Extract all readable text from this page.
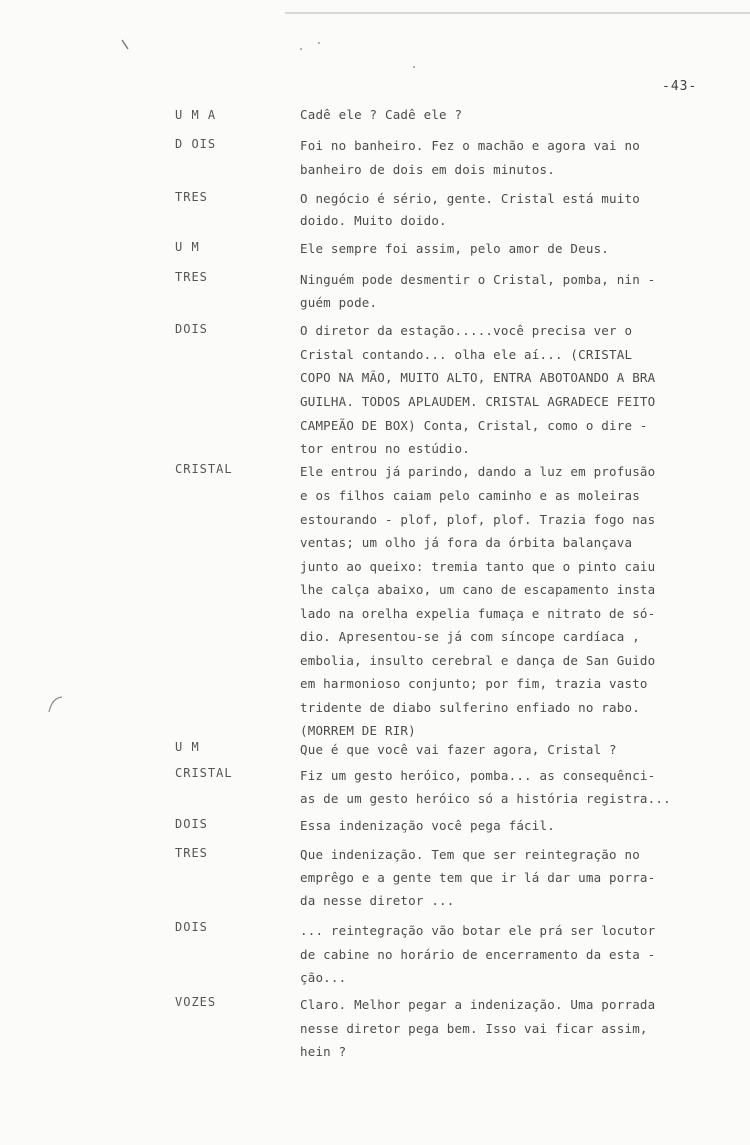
-43-
U M A	Cadê ele ? Cadê ele ?
D OIS	Foi no banheiro. Fez o machão e agora vai no
banheiro de dois em dois minutos.
TRES	O negócio é sério, gente. Cristal está muito
doido. Muito doido.
U M	Ele sempre foi assim, pelo amor de Deus.
TRES	Ninguém pode desmentir o Cristal, pomba, nin -
guém pode.
DOIS	O diretor da estação.....você precisa ver o
Cristal contando... olha ele aí... (CRISTAL
COPO NA MÃO, MUITO ALTO, ENTRA ABOTOANDO A BRA
GUILHA. TODOS APLAUDEM. CRISTAL AGRADECE FEITO
CAMPEÃO DE BOX) Conta, Cristal, como o dire -
tor entrou no estúdio.
CRISTAL	Ele entrou já parindo, dando a luz em profusão
e os filhos caiam pelo caminho e as moleiras
estourando - plof, plof, plof. Trazia fogo nas
ventas; um olho já fora da órbita balançava
junto ao queixo: tremia tanto que o pinto caiu
lhe calça abaixo, um cano de escapamento insta
lado na orelha expelia fumaça e nitrato de só-
dio. Apresentou-se já com síncope cardíaca ,
embolia, insulto cerebral e dança de San Guido
em harmonioso conjunto; por fim, trazia vasto
tridente de diabo sulferino enfiado no rabo.
(MORREM DE RIR)
U M	Que é que você vai fazer agora, Cristal ?
CRISTAL	Fiz um gesto heróico, pomba... as consequênci-
as de um gesto heróico só a história registra...
DOIS	Essa indenização você pega fácil.
TRES	Que indenização. Tem que ser reintegração no
emprêgo e a gente tem que ir lá dar uma porra-
da nesse diretor ...
DOIS	... reintegração vão botar ele prá ser locutor
de cabine no horário de encerramento da esta -
ção...
VOZES	Claro. Melhor pegar a indenização. Uma porrada
nesse diretor pega bem. Isso vai ficar assim,
hein ?
